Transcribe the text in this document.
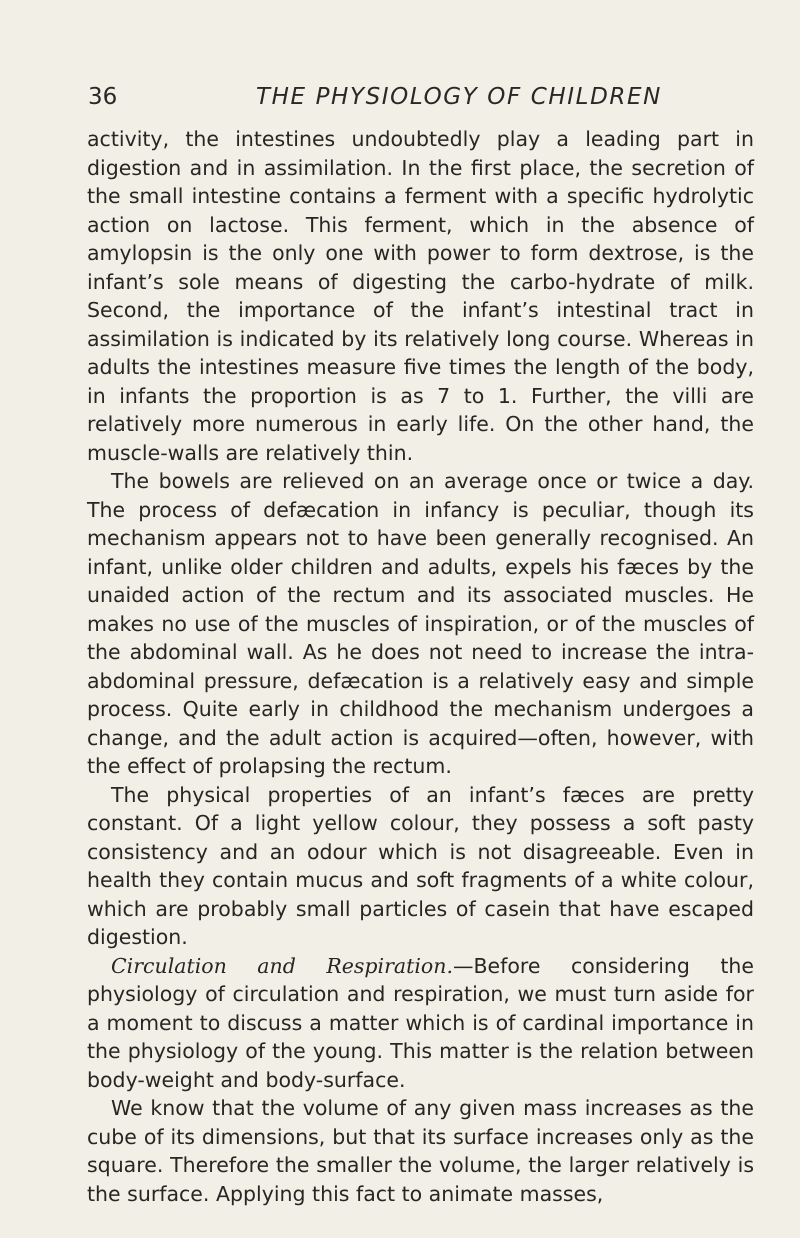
36	THE PHYSIOLOGY OF CHILDREN

activity, the intestines undoubtedly play a leading part in digestion and in assimilation. In the first place, the secretion of the small intestine contains a ferment with a specific hydrolytic action on lactose. This ferment, which in the absence of amylopsin is the only one with power to form dextrose, is the infant’s sole means of digesting the carbo-hydrate of milk. Second, the importance of the infant’s intestinal tract in assimilation is indicated by its relatively long course. Whereas in adults the intestines measure five times the length of the body, in infants the proportion is as 7 to 1. Further, the villi are relatively more numerous in early life. On the other hand, the muscle-walls are relatively thin.

The bowels are relieved on an average once or twice a day. The process of defæcation in infancy is peculiar, though its mechanism appears not to have been generally recognised. An infant, unlike older children and adults, expels his fæces by the unaided action of the rectum and its associated muscles. He makes no use of the muscles of inspiration, or of the muscles of the abdominal wall. As he does not need to increase the intra-abdominal pressure, defæcation is a relatively easy and simple process. Quite early in childhood the mechanism undergoes a change, and the adult action is acquired—often, however, with the effect of prolapsing the rectum.

The physical properties of an infant’s fæces are pretty constant. Of a light yellow colour, they possess a soft pasty consistency and an odour which is not disagreeable. Even in health they contain mucus and soft fragments of a white colour, which are probably small particles of casein that have escaped digestion.

Circulation and Respiration.—Before considering the physiology of circulation and respiration, we must turn aside for a moment to discuss a matter which is of cardinal importance in the physiology of the young. This matter is the relation between body-weight and body-surface.

We know that the volume of any given mass increases as the cube of its dimensions, but that its surface increases only as the square. Therefore the smaller the volume, the larger relatively is the surface. Applying this fact to animate masses,
